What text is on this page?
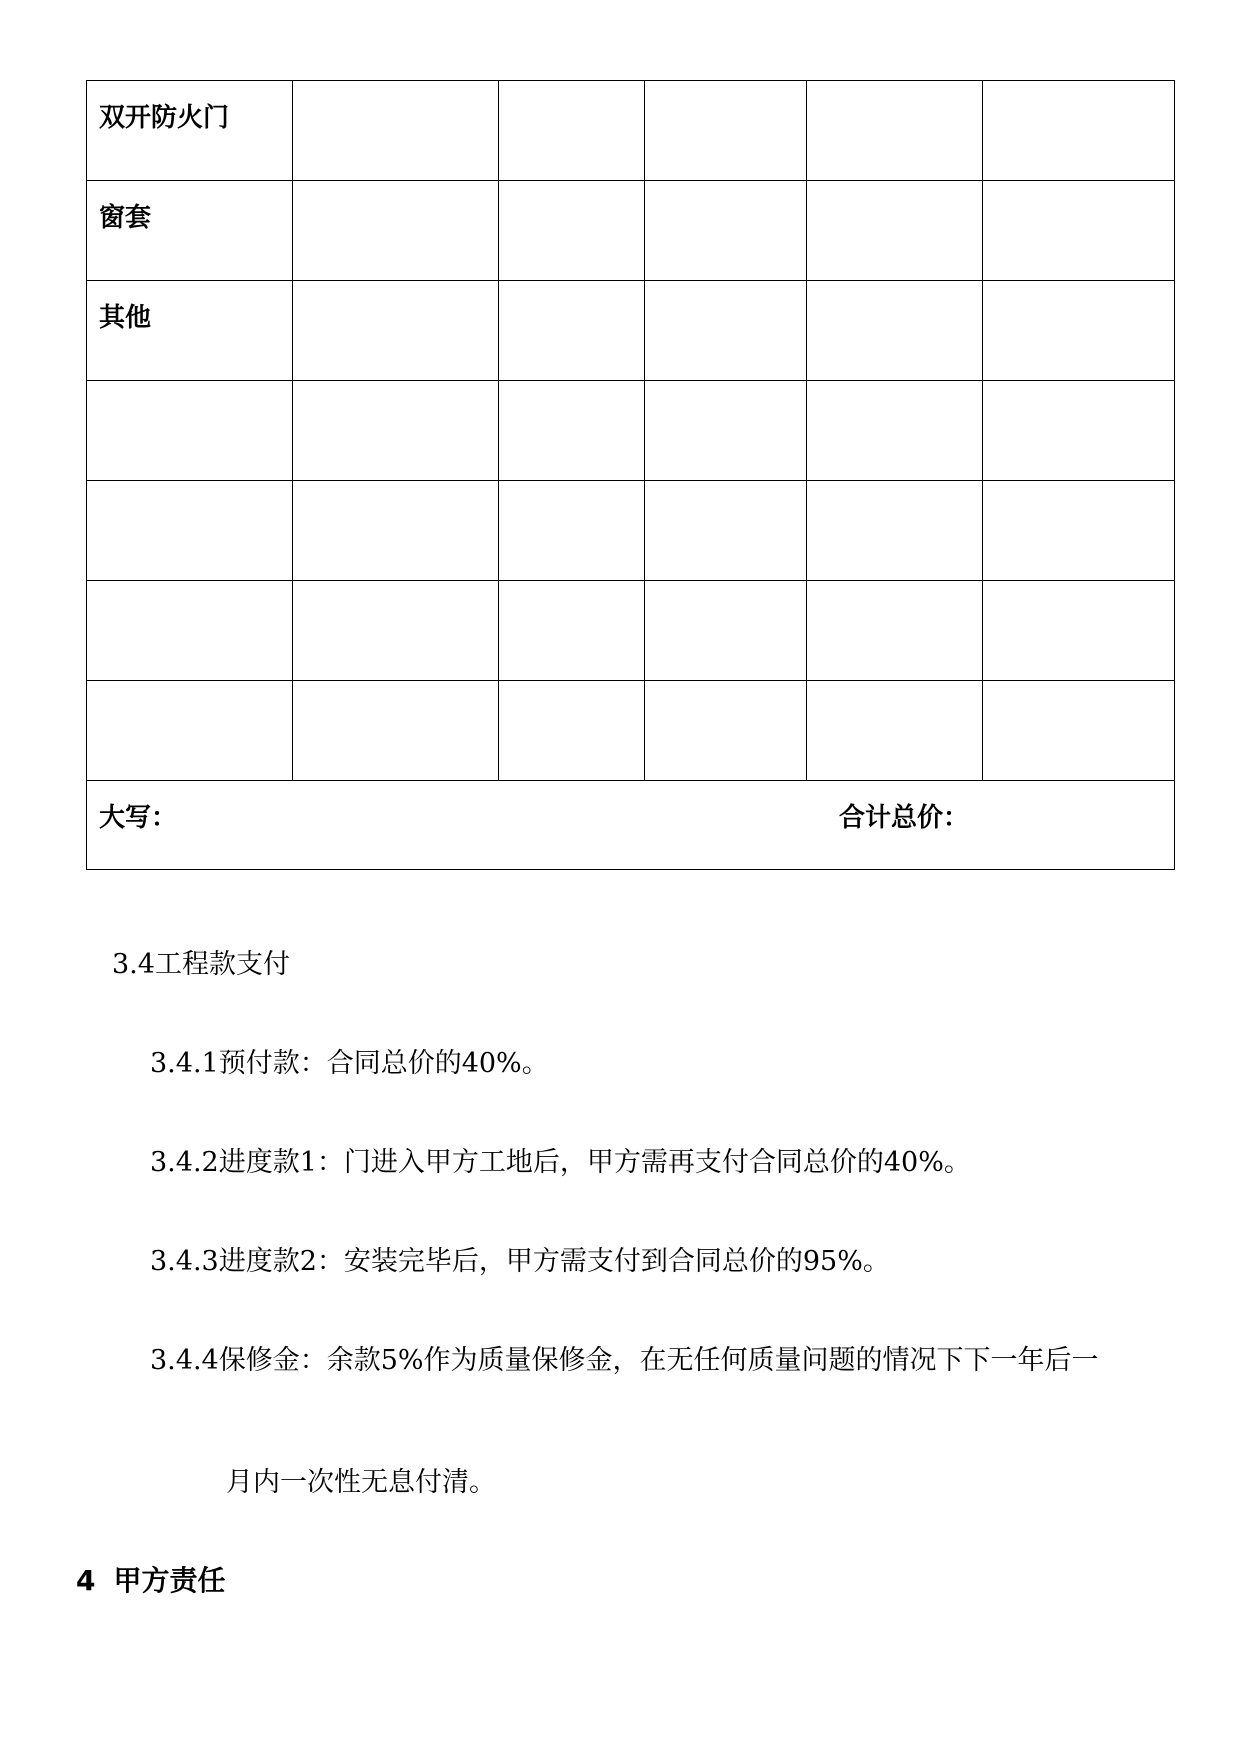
双开防火门					

窗套					

其他					

大写： 合计总价：					
3.4工程款支付
3.4.1预付款：合同总价的40%。
3.4.2进度款1：门进入甲方工地后，甲方需再支付合同总价的40%。
3.4.3进度款2：安装完毕后，甲方需支付到合同总价的95%。
3.4.4保修金：余款5%作为质量保修金，在无任何质量问题的情况下下一年后一
月内一次性无息付清。
4 甲方责任
